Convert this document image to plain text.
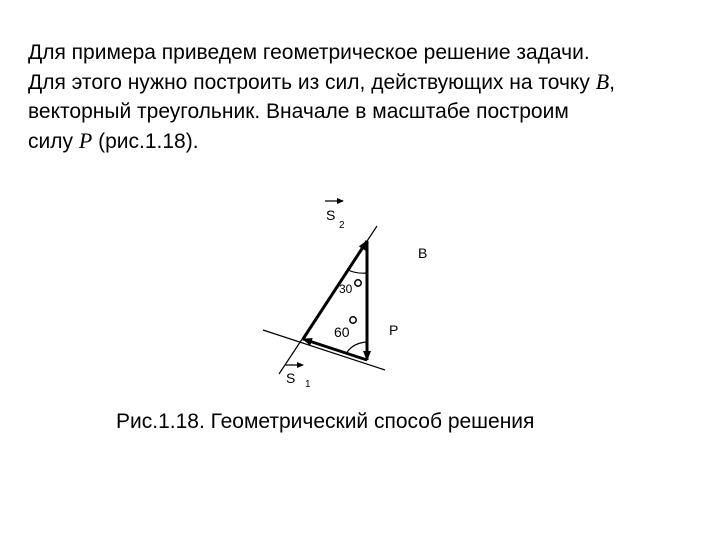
Для примера приведем геометрическое решение задачи.
Для этого нужно построить из сил, действующих на точку B,
векторный треугольник. Вначале в масштабе построим
силу P (рис.1.18).
S
2
B
30
60	P
S 1
Рис.1.18. Геометрический способ решения
